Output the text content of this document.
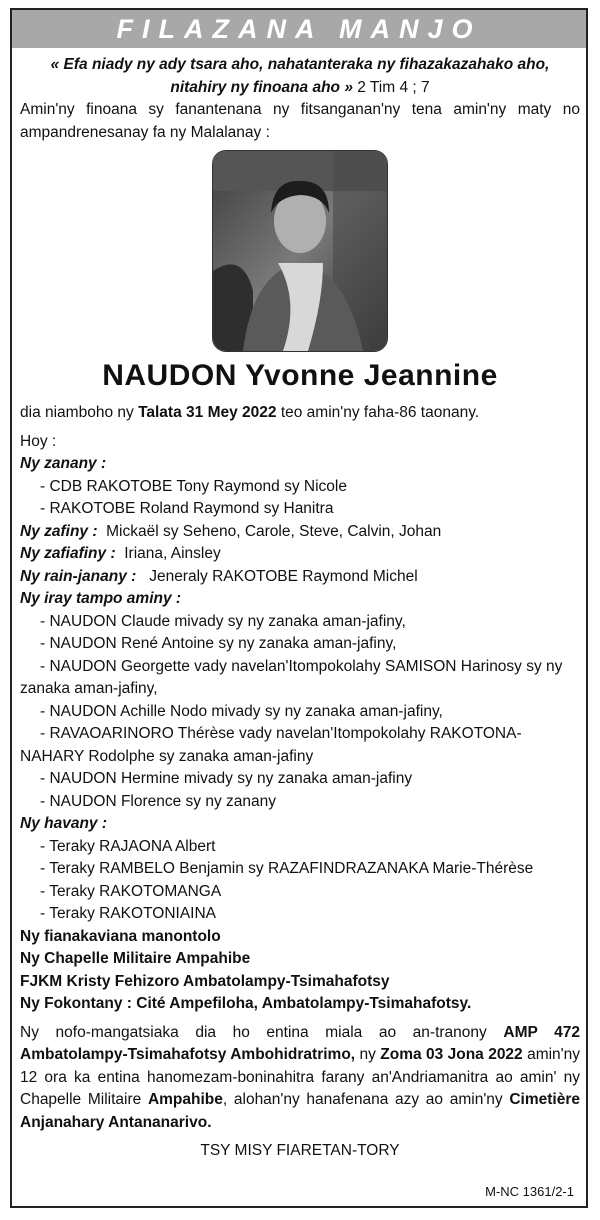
FILAZANA MANJO
« Efa niady ny ady tsara aho, nahatanteraka ny fihazakazahako aho,
nitahiry ny finoana aho » 2 Tim 4 ; 7
Amin'ny finoana sy fanantenana ny fitsanganan'ny tena amin'ny maty no ampandrenesanay fa ny Malalanay :
NAUDON Yvonne Jeannine
dia niamboho ny Talata 31 Mey 2022 teo amin'ny faha-86 taonany.
Hoy :
Ny zanany :
- CDB RAKOTOBE Tony Raymond sy Nicole
- RAKOTOBE Roland Raymond sy Hanitra
Ny zafiny :  Mickaël sy Seheno, Carole, Steve, Calvin, Johan
Ny zafiafiny :  Iriana, Ainsley
Ny rain-janany :   Jeneraly RAKOTOBE Raymond Michel
Ny iray tampo aminy :
- NAUDON Claude mivady sy ny zanaka aman-jafiny,
- NAUDON René Antoine sy ny zanaka aman-jafiny,
- NAUDON Georgette vady navelan'Itompokolahy SAMISON Harinosy sy ny
zanaka aman-jafiny,
- NAUDON Achille Nodo mivady sy ny zanaka aman-jafiny,
- RAVAOARINORO Thérèse vady navelan'Itompokolahy RAKOTONA-
NAHARY Rodolphe sy zanaka aman-jafiny
- NAUDON Hermine mivady sy ny zanaka aman-jafiny
- NAUDON Florence sy ny zanany
Ny havany :
- Teraky RAJAONA Albert
- Teraky RAMBELO Benjamin sy RAZAFINDRAZANAKA Marie-Thérèse
- Teraky RAKOTOMANGA
- Teraky RAKOTONIAINA
Ny fianakaviana manontolo
Ny Chapelle Militaire Ampahibe
FJKM Kristy Fehizoro Ambatolampy-Tsimahafotsy
Ny Fokontany : Cité Ampefiloha, Ambatolampy-Tsimahafotsy.
Ny nofo-mangatsiaka dia ho entina miala ao an-tranony AMP 472 Ambatolampy-Tsimahafotsy Ambohidratrimo, ny Zoma 03 Jona 2022 amin'ny 12 ora ka entina hanomezam-boninahitra farany an'Andriamanitra ao amin' ny Chapelle Militaire Ampahibe, alohan'ny hanafenana azy ao amin'ny Cimetière Anjanahary Antananarivo.
TSY MISY FIARETAN-TORY
M-NC 1361/2-1
